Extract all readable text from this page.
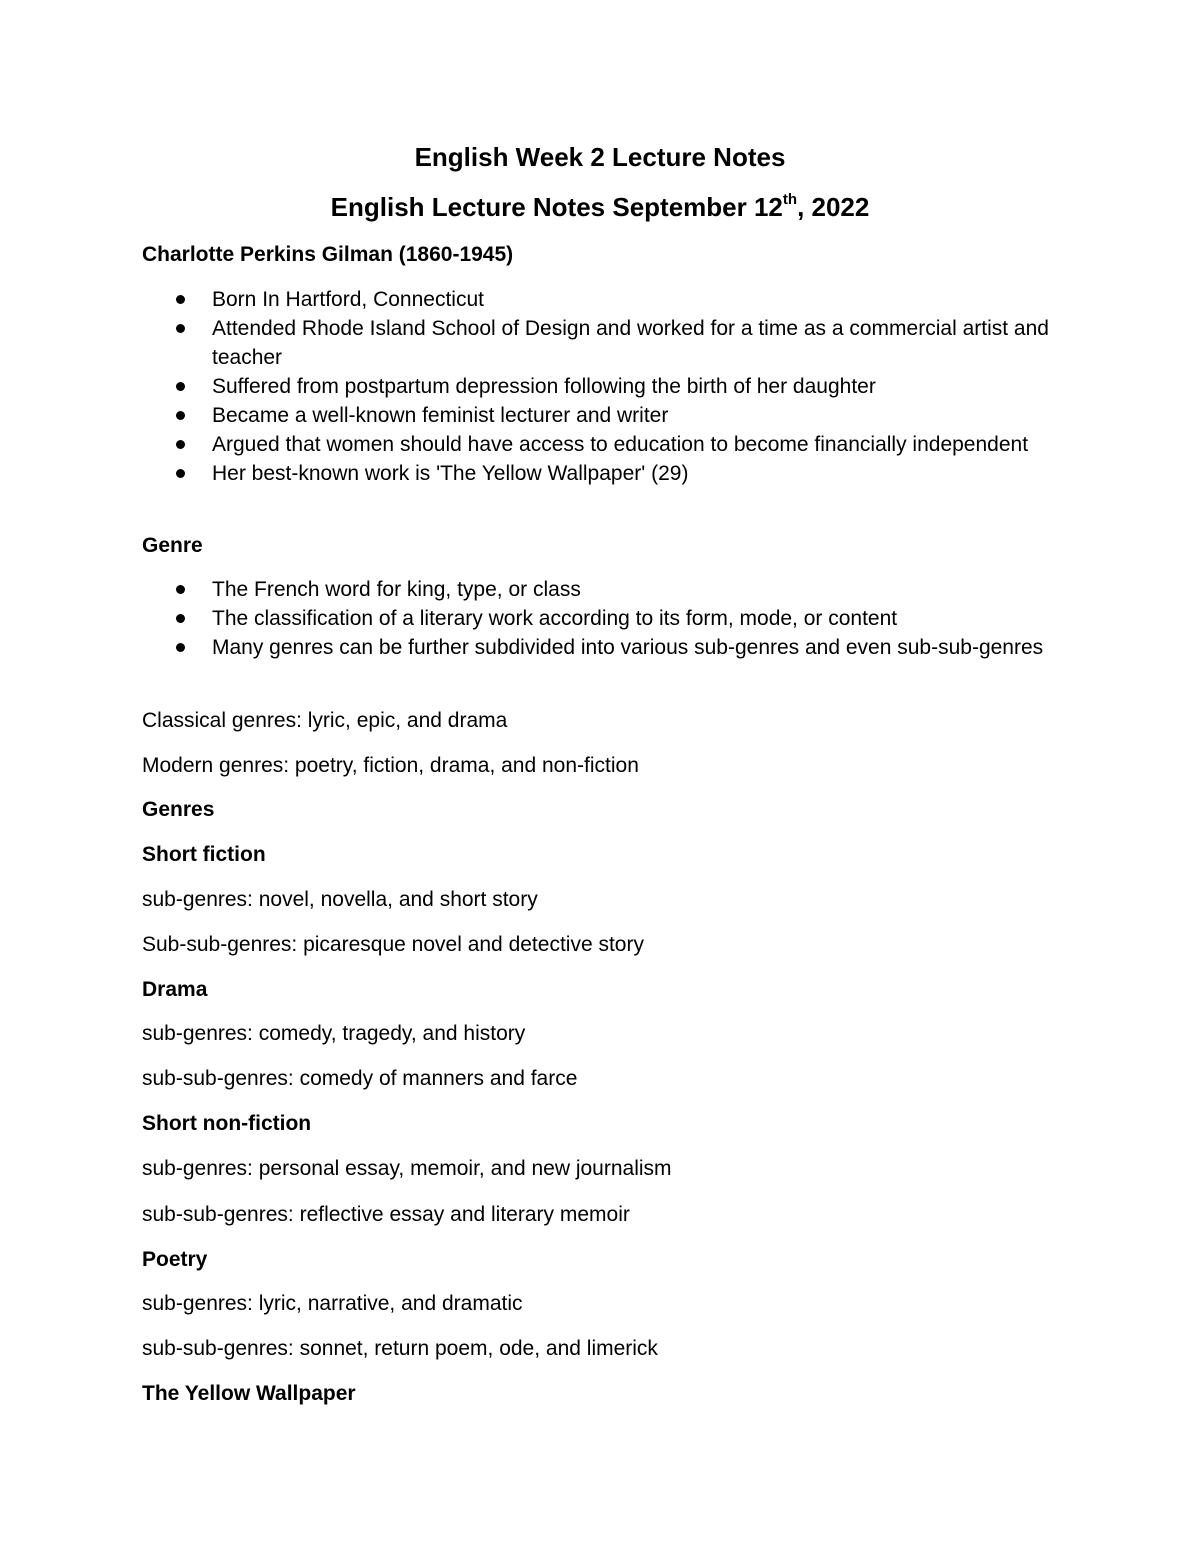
English Week 2 Lecture Notes
English Lecture Notes September 12th, 2022

Charlotte Perkins Gilman (1860-1945)

Born In Hartford, Connecticut
Attended Rhode Island School of Design and worked for a time as a commercial artist and teacher
Suffered from postpartum depression following the birth of her daughter
Became a well-known feminist lecturer and writer
Argued that women should have access to education to become financially independent
Her best-known work is 'The Yellow Wallpaper' (29)

Genre

The French word for king, type, or class
The classification of a literary work according to its form, mode, or content
Many genres can be further subdivided into various sub-genres and even sub-sub-genres

Classical genres: lyric, epic, and drama

Modern genres: poetry, fiction, drama, and non-fiction

Genres

Short fiction

sub-genres: novel, novella, and short story

Sub-sub-genres: picaresque novel and detective story

Drama

sub-genres: comedy, tragedy, and history

sub-sub-genres: comedy of manners and farce

Short non-fiction

sub-genres: personal essay, memoir, and new journalism

sub-sub-genres: reflective essay and literary memoir

Poetry

sub-genres: lyric, narrative, and dramatic

sub-sub-genres: sonnet, return poem, ode, and limerick

The Yellow Wallpaper
